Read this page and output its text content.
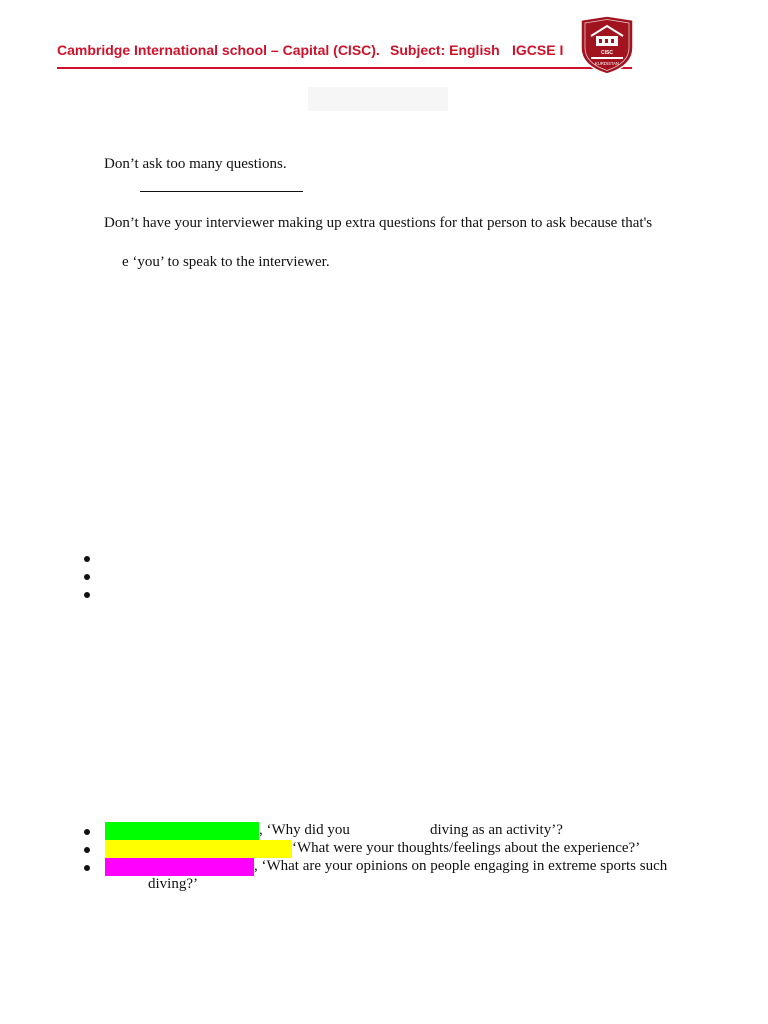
Cambridge International school – Capital (CISC). Subject: English IGCSE I	CISC
KURDISTAN
Don’t ask too many questions.
Don’t have your interviewer making up extra questions for that person to ask because that's
e ‘you’ to speak to the interviewer.
, ‘Why did you	diving as an activity’?
‘What were your thoughts/feelings about the experience?’
, ‘What are your opinions on people engaging in extreme sports such
diving?’
